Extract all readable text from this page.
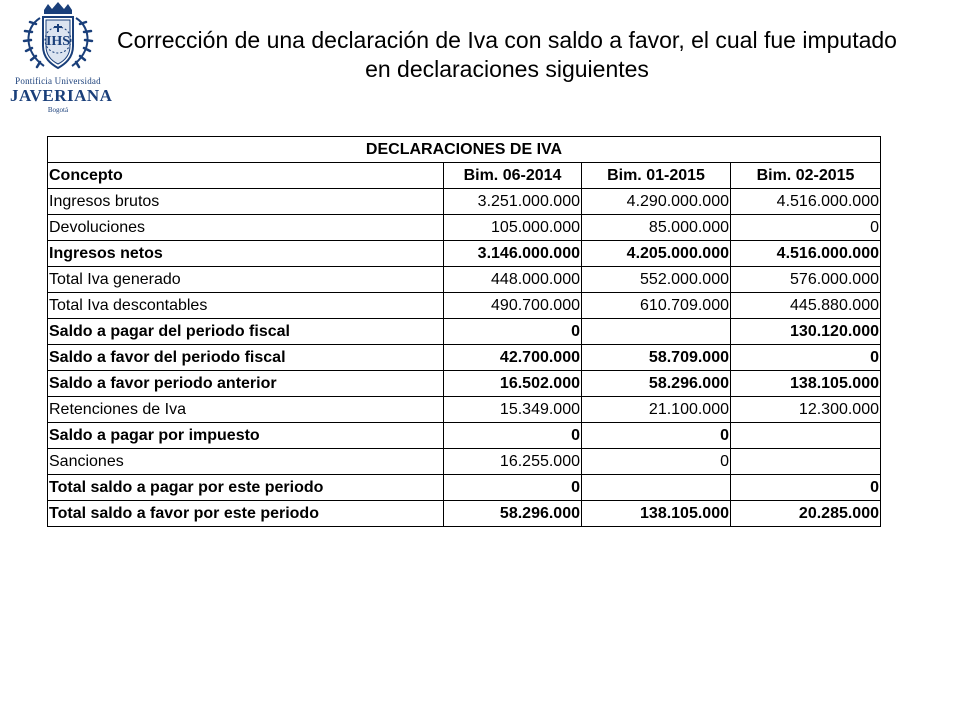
IHS
Pontificia Universidad
JAVERIANA
Bogotá
Corrección de una declaración de Iva con saldo a favor, el cual fue imputado en declaraciones siguientes
DECLARACIONES DE IVA			
Concepto	Bim. 06-2014	Bim. 01-2015	Bim. 02-2015
Ingresos brutos	3.251.000.000	4.290.000.000	4.516.000.000
Devoluciones	105.000.000	85.000.000	0
Ingresos netos	3.146.000.000	4.205.000.000	4.516.000.000
Total Iva generado	448.000.000	552.000.000	576.000.000
Total Iva descontables	490.700.000	610.709.000	445.880.000
Saldo a pagar del periodo fiscal	0		130.120.000
Saldo a favor del periodo fiscal	42.700.000	58.709.000	0
Saldo a favor periodo anterior	16.502.000	58.296.000	138.105.000
Retenciones de Iva	15.349.000	21.100.000	12.300.000
Saldo a pagar por impuesto	0	0	
Sanciones	16.255.000	0	
Total saldo a pagar por este periodo	0		0
Total saldo a favor por este periodo	58.296.000	138.105.000	20.285.000
